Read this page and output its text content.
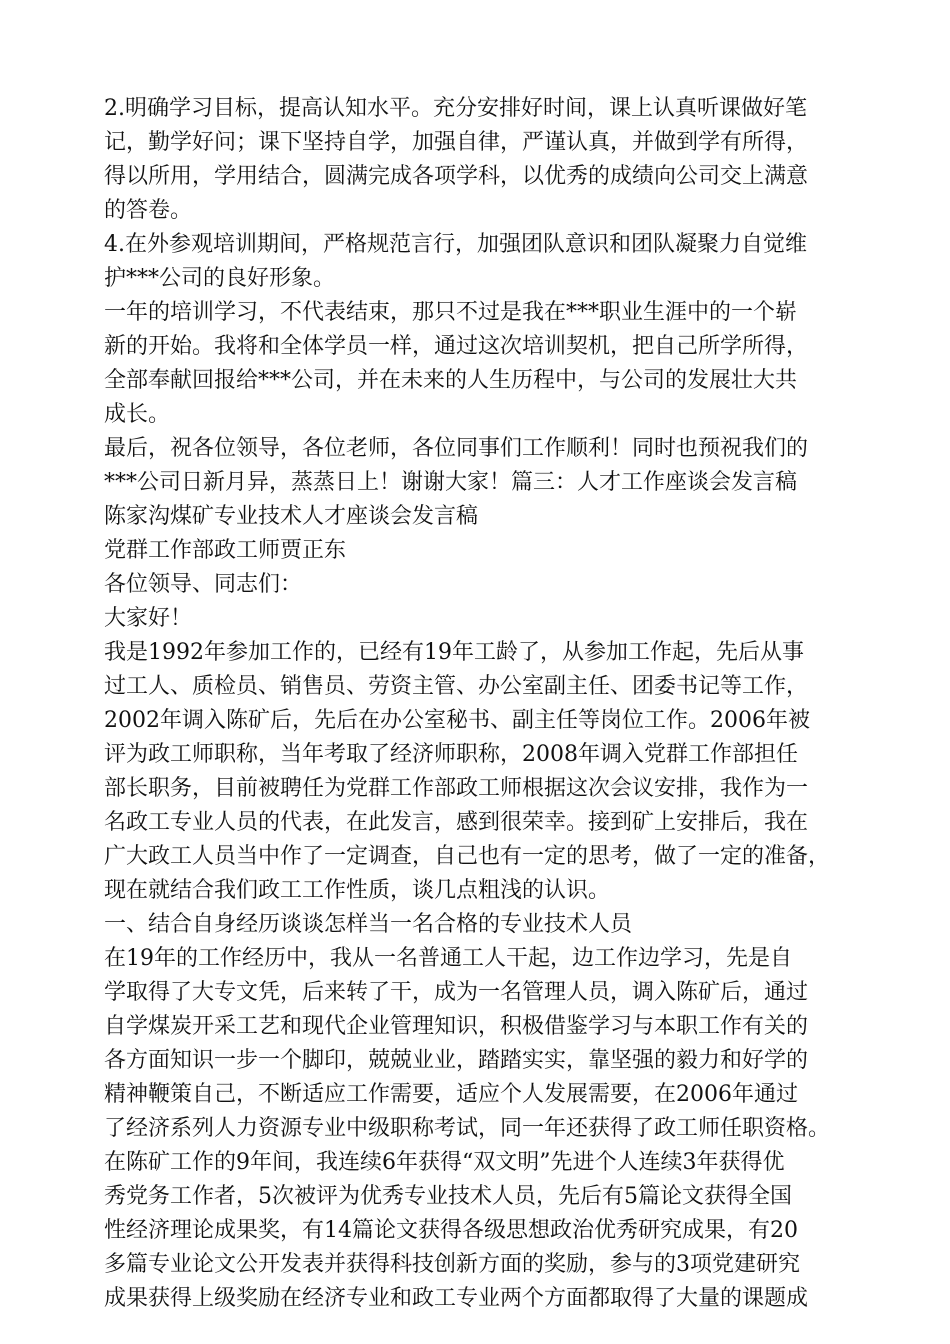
2.明确学习目标，提高认知水平。充分安排好时间，课上认真听课做好笔
记，勤学好问；课下坚持自学，加强自律，严谨认真，并做到学有所得，
得以所用，学用结合，圆满完成各项学科，以优秀的成绩向公司交上满意
的答卷。
4.在外参观培训期间，严格规范言行，加强团队意识和团队凝聚力自觉维
护***公司的良好形象。
一年的培训学习，不代表结束，那只不过是我在***职业生涯中的一个崭
新的开始。我将和全体学员一样，通过这次培训契机，把自己所学所得，
全部奉献回报给***公司，并在未来的人生历程中，与公司的发展壮大共
成长。
最后，祝各位领导，各位老师，各位同事们工作顺利！同时也预祝我们的
***公司日新月异，蒸蒸日上！谢谢大家！篇三：人才工作座谈会发言稿
陈家沟煤矿专业技术人才座谈会发言稿
党群工作部政工师贾正东
各位领导、同志们：
大家好！
我是1992年参加工作的，已经有19年工龄了，从参加工作起，先后从事
过工人、质检员、销售员、劳资主管、办公室副主任、团委书记等工作，
2002年调入陈矿后，先后在办公室秘书、副主任等岗位工作。2006年被
评为政工师职称，当年考取了经济师职称，2008年调入党群工作部担任
部长职务，目前被聘任为党群工作部政工师根据这次会议安排，我作为一
名政工专业人员的代表，在此发言，感到很荣幸。接到矿上安排后，我在
广大政工人员当中作了一定调查，自己也有一定的思考，做了一定的准备，
现在就结合我们政工工作性质，谈几点粗浅的认识。
一、结合自身经历谈谈怎样当一名合格的专业技术人员
在19年的工作经历中，我从一名普通工人干起，边工作边学习，先是自
学取得了大专文凭，后来转了干，成为一名管理人员，调入陈矿后，通过
自学煤炭开采工艺和现代企业管理知识，积极借鉴学习与本职工作有关的
各方面知识一步一个脚印，兢兢业业，踏踏实实，靠坚强的毅力和好学的
精神鞭策自己，不断适应工作需要，适应个人发展需要，在2006年通过
了经济系列人力资源专业中级职称考试，同一年还获得了政工师任职资格。
在陈矿工作的9年间，我连续6年获得“双文明”先进个人连续3年获得优
秀党务工作者，5次被评为优秀专业技术人员，先后有5篇论文获得全国
性经济理论成果奖，有14篇论文获得各级思想政治优秀研究成果，有20
多篇专业论文公开发表并获得科技创新方面的奖励，参与的3项党建研究
成果获得上级奖励在经济专业和政工专业两个方面都取得了大量的课题成
